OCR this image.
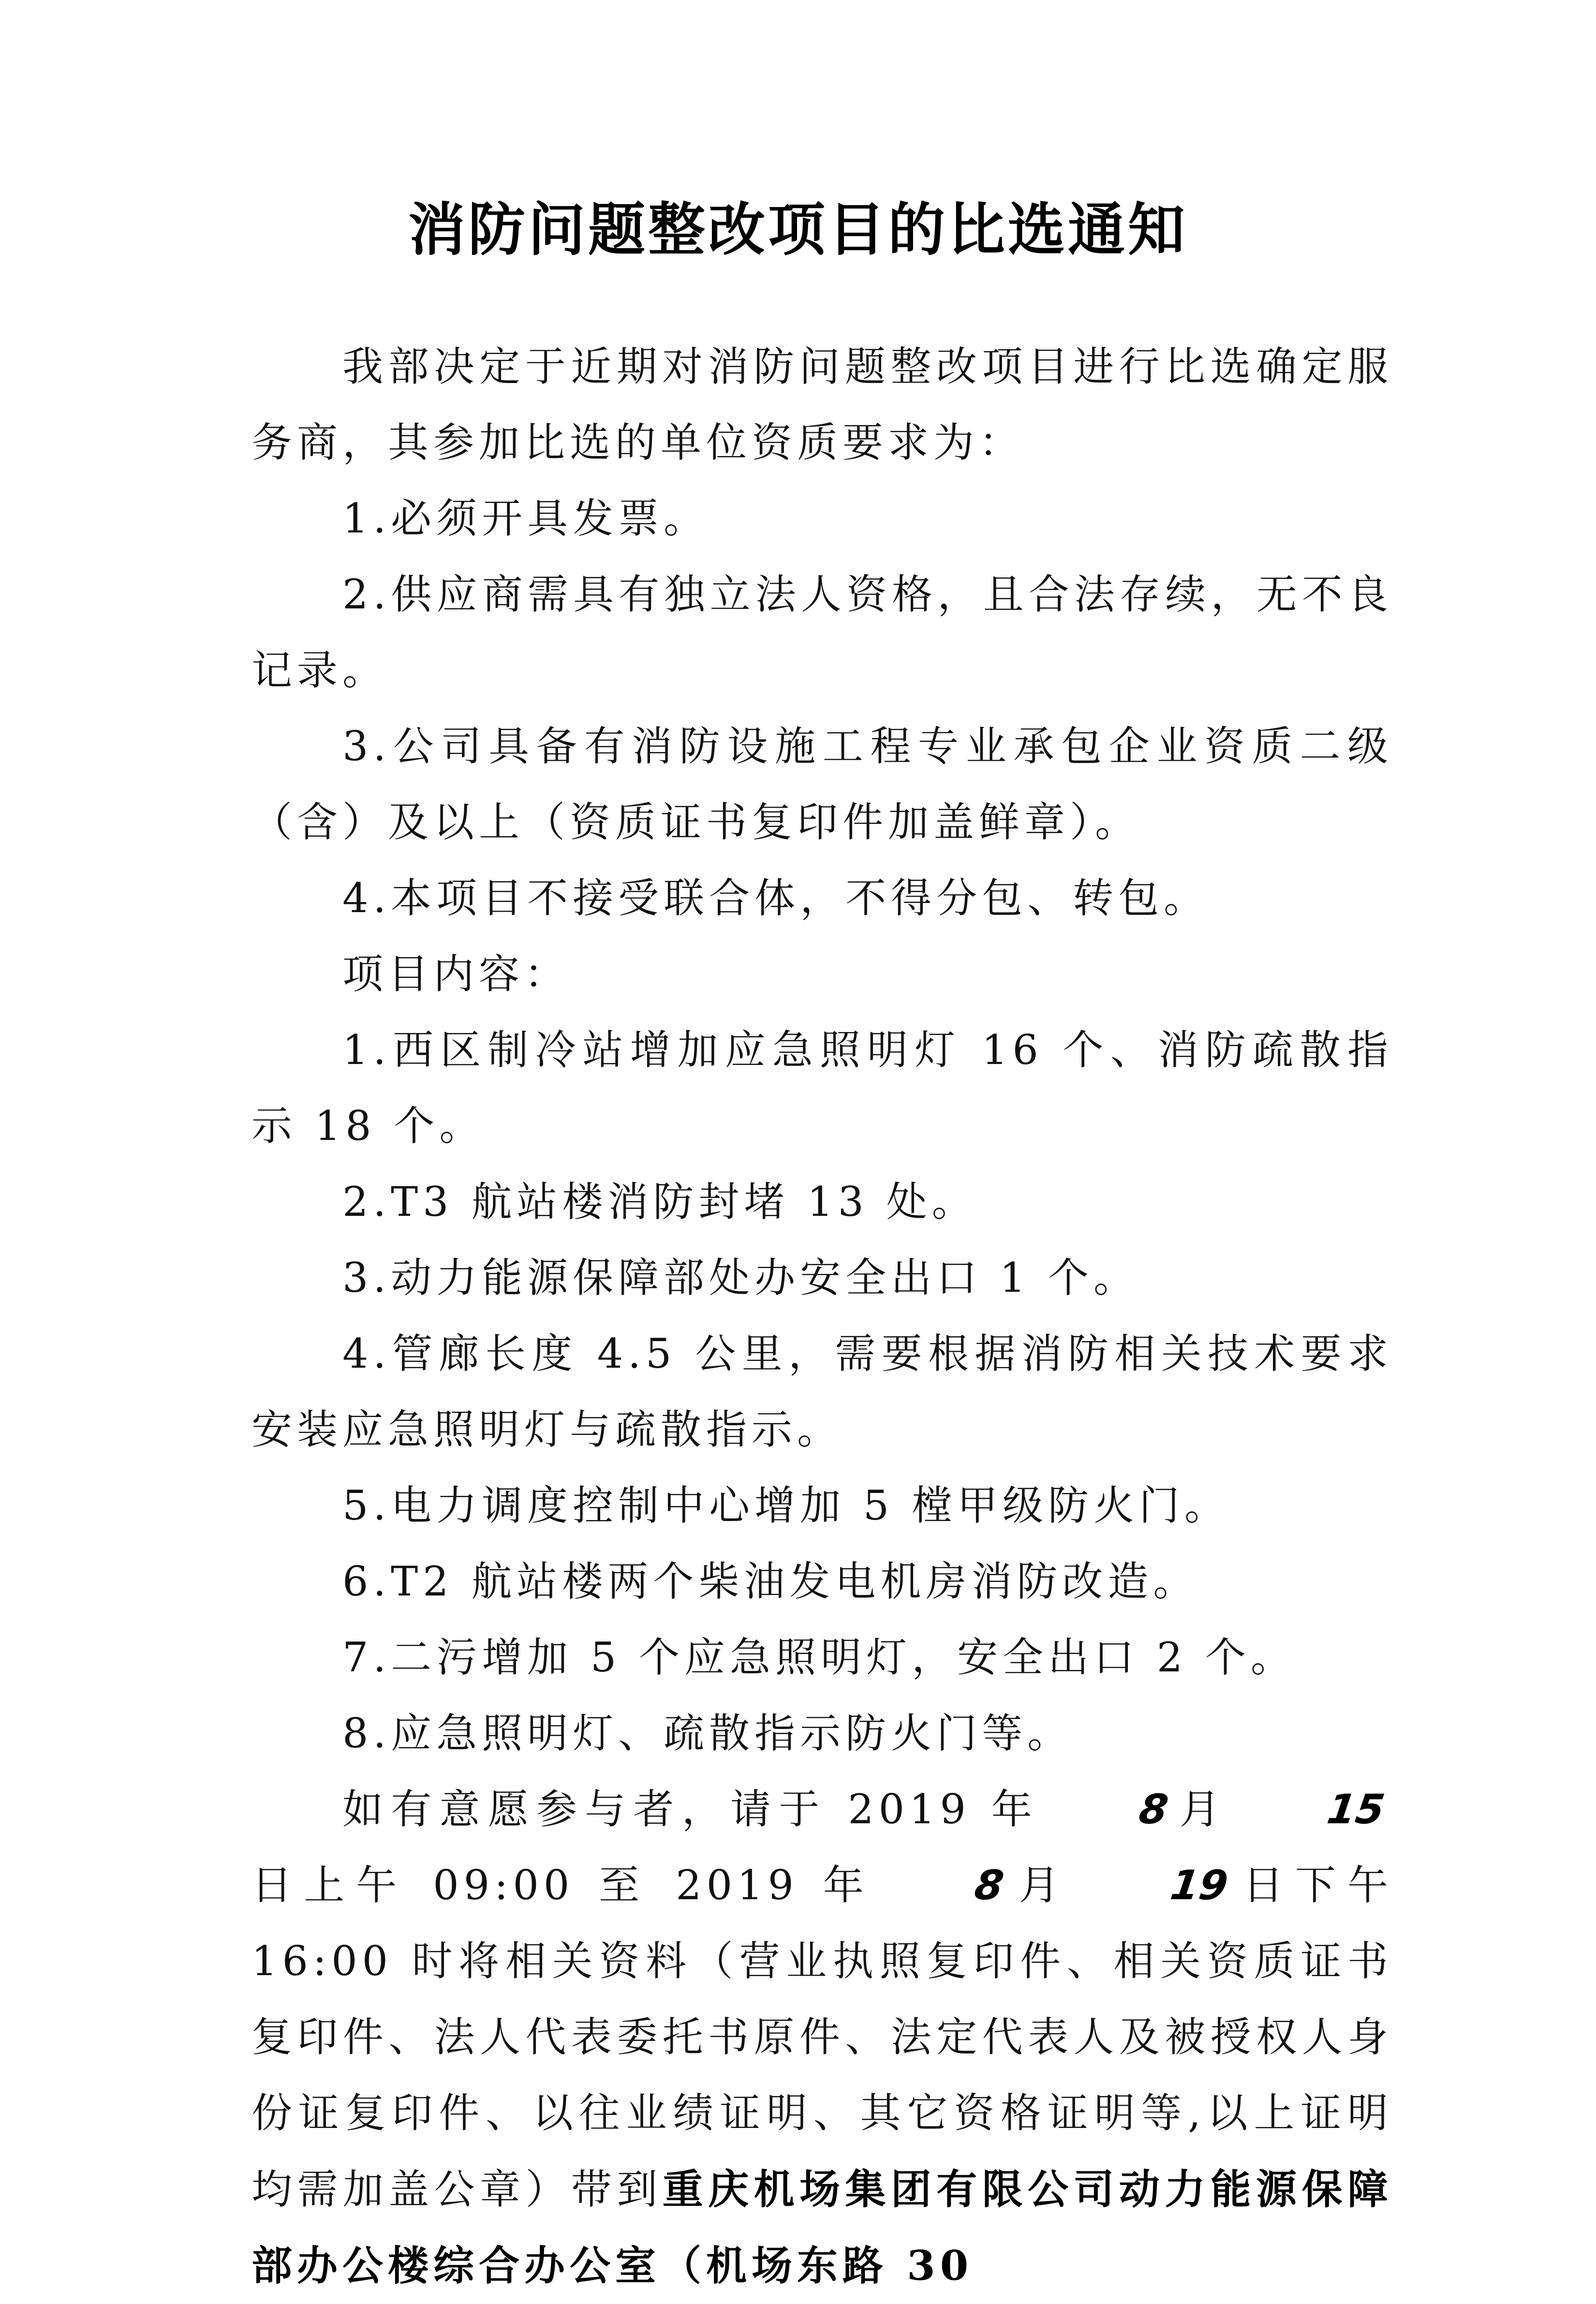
消防问题整改项目的比选通知

我部决定于近期对消防问题整改项目进行比选确定服务商，其参加比选的单位资质要求为：

1.必须开具发票。

2.供应商需具有独立法人资格，且合法存续，无不良记录。

3.公司具备有消防设施工程专业承包企业资质二级（含）及以上（资质证书复印件加盖鲜章）。

4.本项目不接受联合体，不得分包、转包。

项目内容：

1.西区制冷站增加应急照明灯 16 个、消防疏散指示 18 个。

2.T3 航站楼消防封堵 13 处。

3.动力能源保障部处办安全出口 1 个。

4.管廊长度 4.5 公里，需要根据消防相关技术要求安装应急照明灯与疏散指示。

5.电力调度控制中心增加 5 樘甲级防火门。

6.T2 航站楼两个柴油发电机房消防改造。

7.二污增加 5 个应急照明灯，安全出口 2 个。

8.应急照明灯、疏散指示防火门等。

如有意愿参与者，请于 2019 年 8 月 15日上午 09:00 至 2019 年 8 月 19 日下午 16:00 时将相关资料（营业执照复印件、相关资质证书复印件、法人代表委托书原件、法定代表人及被授权人身份证复印件、以往业绩证明、其它资格证明等,以上证明均需加盖公章）带到重庆机场集团有限公司动力能源保障部办公楼综合办公室（机场东路 30
